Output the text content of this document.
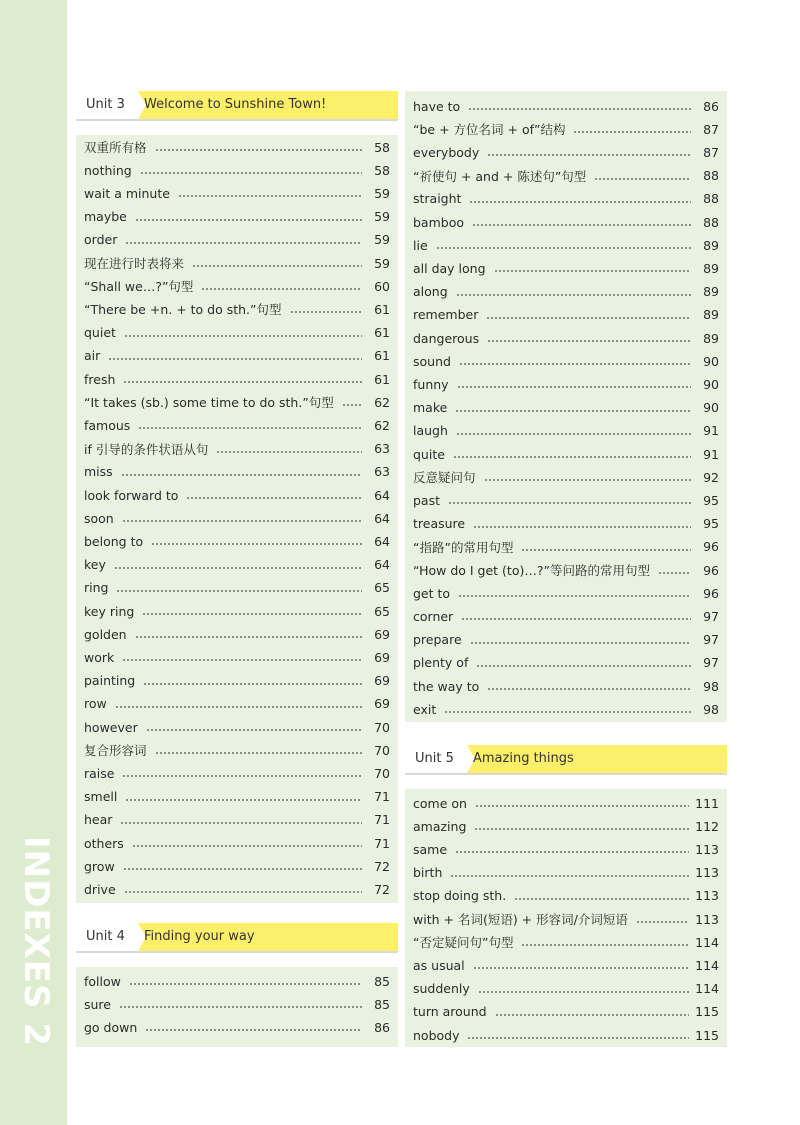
INDEXES 2
Unit 3	Welcome to Sunshine Town!
双重所有格	58
nothing	58
wait a minute	59
maybe	59
order	59
现在进行时表将来	59
“Shall we…?”句型	60
“There be +n. + to do sth.”句型	61
quiet	61
air	61
fresh	61
“It takes (sb.) some time to do sth.”句型	62
famous	62
if 引导的条件状语从句	63
miss	63
look forward to	64
soon	64
belong to	64
key	64
ring	65
key ring	65
golden	69
work	69
painting	69
row	69
however	70
复合形容词	70
raise	70
smell	71
hear	71
others	71
grow	72
drive	72
Unit 4	Finding your way
follow	85
sure	85
go down	86
have to	86
“be + 方位名词 + of”结构	87
everybody	87
“祈使句 + and + 陈述句”句型	88
straight	88
bamboo	88
lie	89
all day long	89
along	89
remember	89
dangerous	89
sound	90
funny	90
make	90
laugh	91
quite	91
反意疑问句	92
past	95
treasure	95
“指路”的常用句型	96
“How do I get (to)…?”等问路的常用句型	96
get to	96
corner	97
prepare	97
plenty of	97
the way to	98
exit	98
Unit 5	Amazing things
come on	111
amazing	112
same	113
birth	113
stop doing sth.	113
with + 名词(短语) + 形容词/介词短语	113
“否定疑问句”句型	114
as usual	114
suddenly	114
turn around	115
nobody	115
